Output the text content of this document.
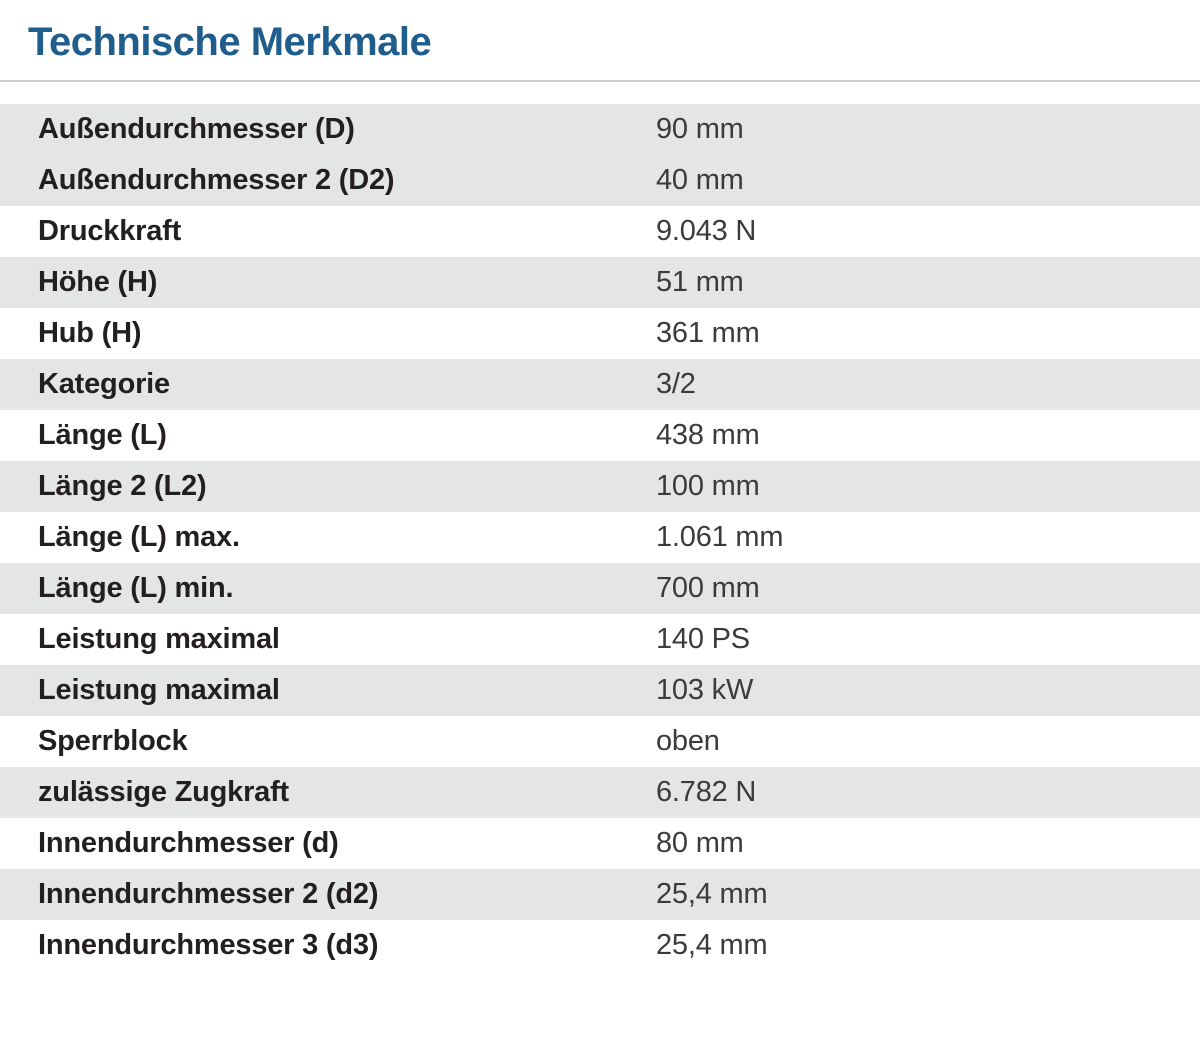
Technische Merkmale
Außendurchmesser (D)	90 mm
Außendurchmesser 2 (D2)	40 mm
Druckkraft	9.043 N
Höhe (H)	51 mm
Hub (H)	361 mm
Kategorie	3/2
Länge (L)	438 mm
Länge 2 (L2)	100 mm
Länge (L) max.	1.061 mm
Länge (L) min.	700 mm
Leistung maximal	140 PS
Leistung maximal	103 kW
Sperrblock	oben
zulässige Zugkraft	6.782 N
Innendurchmesser (d)	80 mm
Innendurchmesser 2 (d2)	25,4 mm
Innendurchmesser 3 (d3)	25,4 mm
